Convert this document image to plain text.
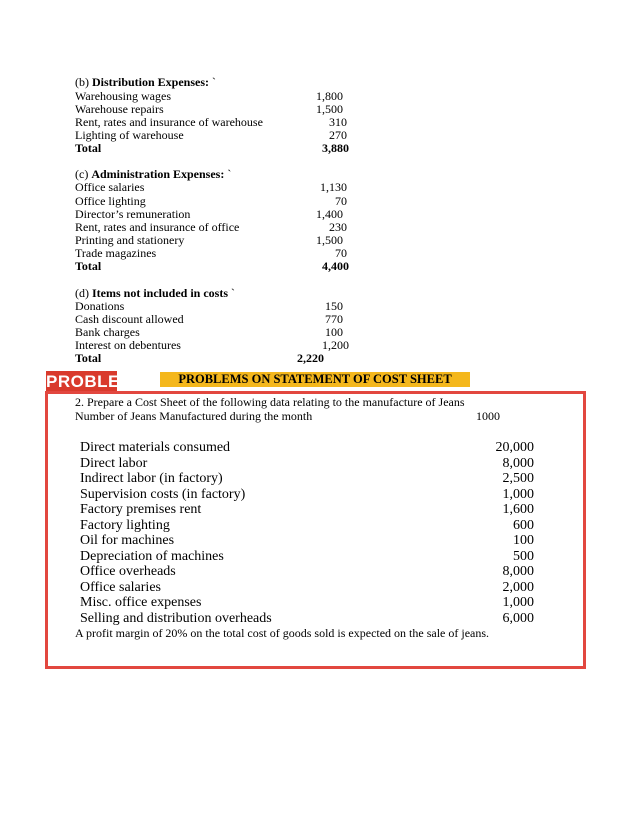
(b) Distribution Expenses: `
Warehousing wages	1,800
Warehouse repairs	1,500
Rent, rates and insurance of warehouse	310
Lighting of warehouse	270
Total	3,880
(c) Administration Expenses: `
Office salaries	1,130
Office lighting	70
Director’s remuneration	1,400
Rent, rates and insurance of office	230
Printing and stationery	1,500
Trade magazines	70
Total	4,400
(d) Items not included in costs `
Donations	150
Cash discount allowed	770
Bank charges	100
Interest on debentures	1,200
Total	2,220
PROBLEM	PROBLEMS ON STATEMENT OF COST SHEET
2. Prepare a Cost Sheet of the following data relating to the manufacture of Jeans
Number of Jeans Manufactured during the month	1000
Direct materials consumed	20,000
Direct labor	8,000
Indirect labor (in factory)	2,500
Supervision costs (in factory)	1,000
Factory premises rent	1,600
Factory lighting	600
Oil for machines	100
Depreciation of machines	500
Office overheads	8,000
Office salaries	2,000
Misc. office expenses	1,000
Selling and distribution overheads	6,000
A profit margin of 20% on the total cost of goods sold is expected on the sale of jeans.
